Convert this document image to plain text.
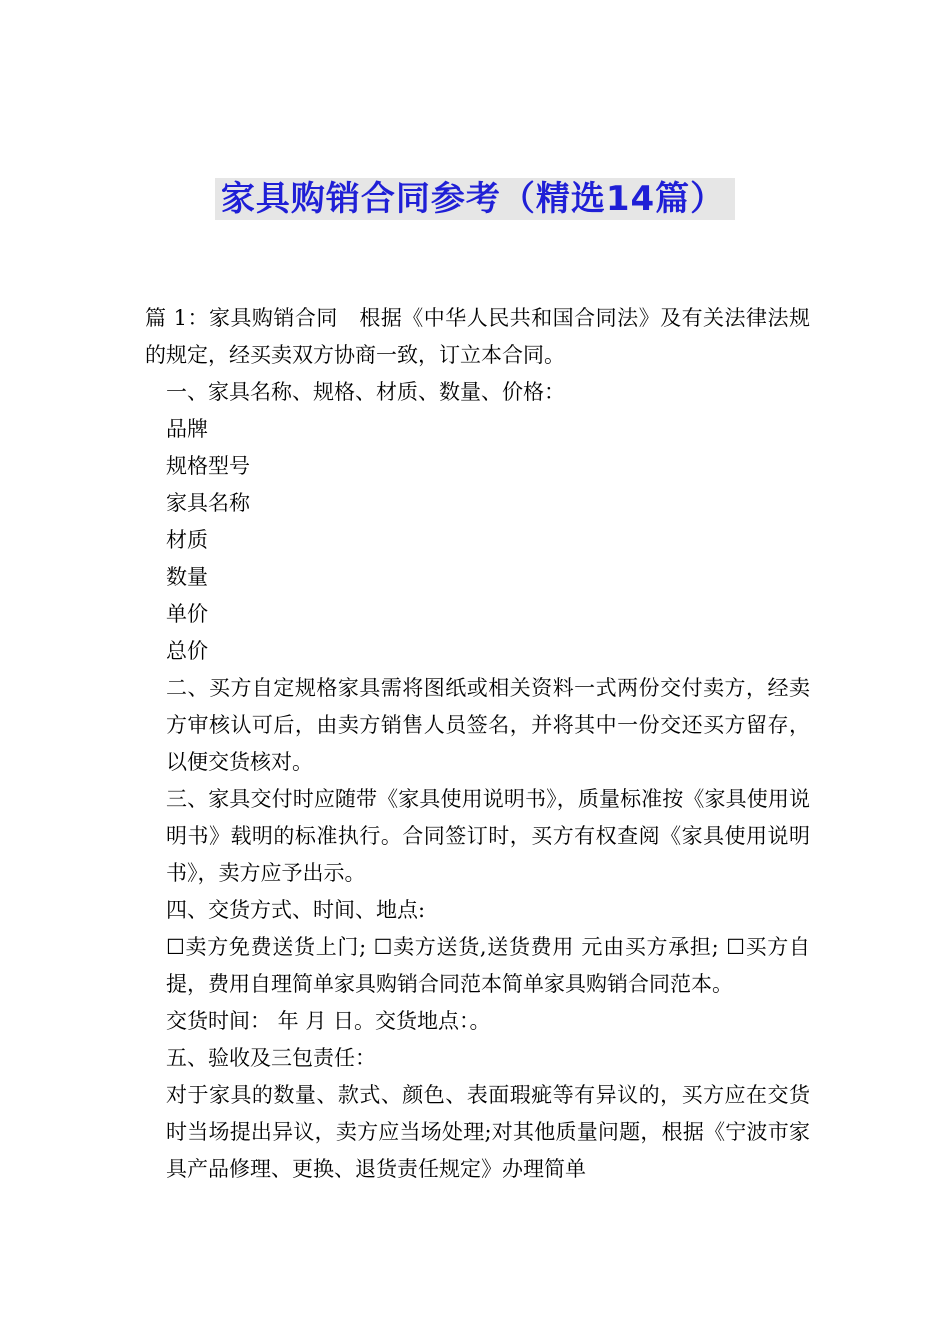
家具购销合同参考（精选14篇）

篇 1：家具购销合同　根据《中华人民共和国合同法》及有关法律法规的规定，经买卖双方协商一致，订立本合同。

一、家具名称、规格、材质、数量、价格：

品牌

规格型号

家具名称

材质

数量

单价

总价

二、买方自定规格家具需将图纸或相关资料一式两份交付卖方，经卖方审核认可后，由卖方销售人员签名，并将其中一份交还买方留存，以便交货核对。

三、家具交付时应随带《家具使用说明书》，质量标准按《家具使用说明书》载明的标准执行。合同签订时，买方有权查阅《家具使用说明书》，卖方应予出示。

四、交货方式、时间、地点:

☐卖方免费送货上门; ☐卖方送货,送货费用 元由买方承担; ☐买方自提，费用自理简单家具购销合同范本简单家具购销合同范本。

交货时间： 年 月 日。交货地点：。

五、验收及三包责任：

对于家具的数量、款式、颜色、表面瑕疵等有异议的，买方应在交货时当场提出异议，卖方应当场处理;对其他质量问题，根据《宁波市家具产品修理、更换、退货责任规定》办理简单
